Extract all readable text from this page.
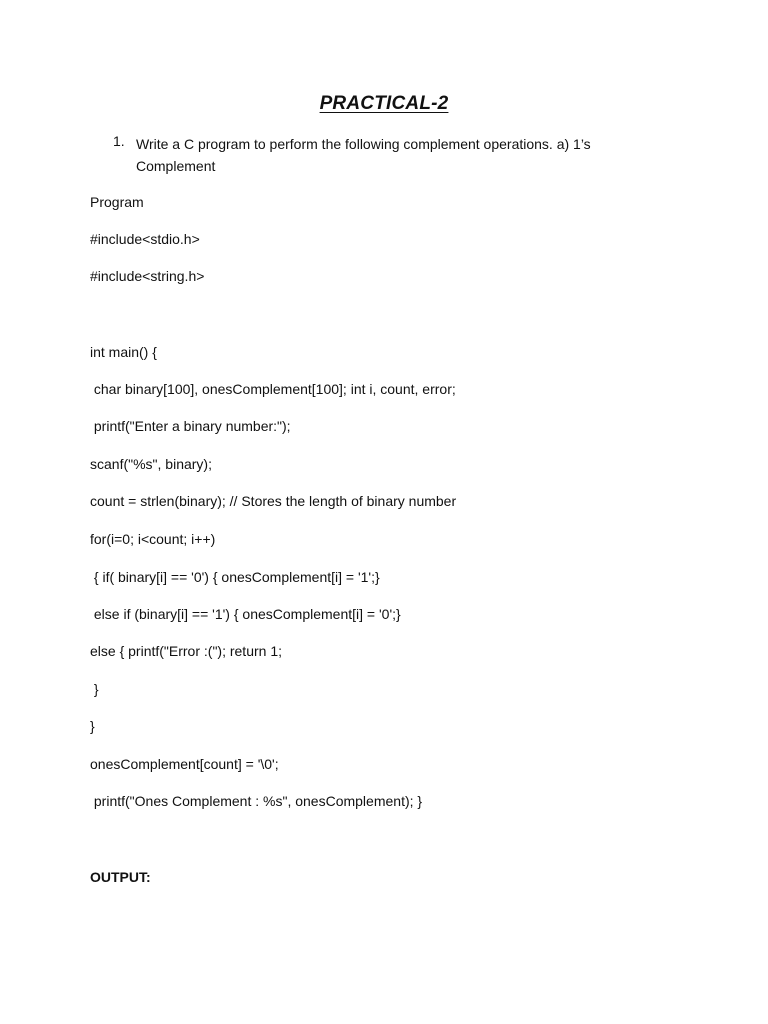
PRACTICAL-2

1. Write a C program to perform the following complement operations. a) 1’s Complement

Program

#include<stdio.h>

#include<string.h>

int main() {

char binary[100], onesComplement[100]; int i, count, error;

printf("Enter a binary number:");

scanf("%s", binary);

count = strlen(binary); // Stores the length of binary number

for(i=0; i<count; i++)

{ if( binary[i] == '0') { onesComplement[i] = '1';}

else if (binary[i] == '1') { onesComplement[i] = '0';}

else { printf("Error :("); return 1;

}

}

onesComplement[count] = '\0';

printf("Ones Complement : %s", onesComplement); }

OUTPUT:
